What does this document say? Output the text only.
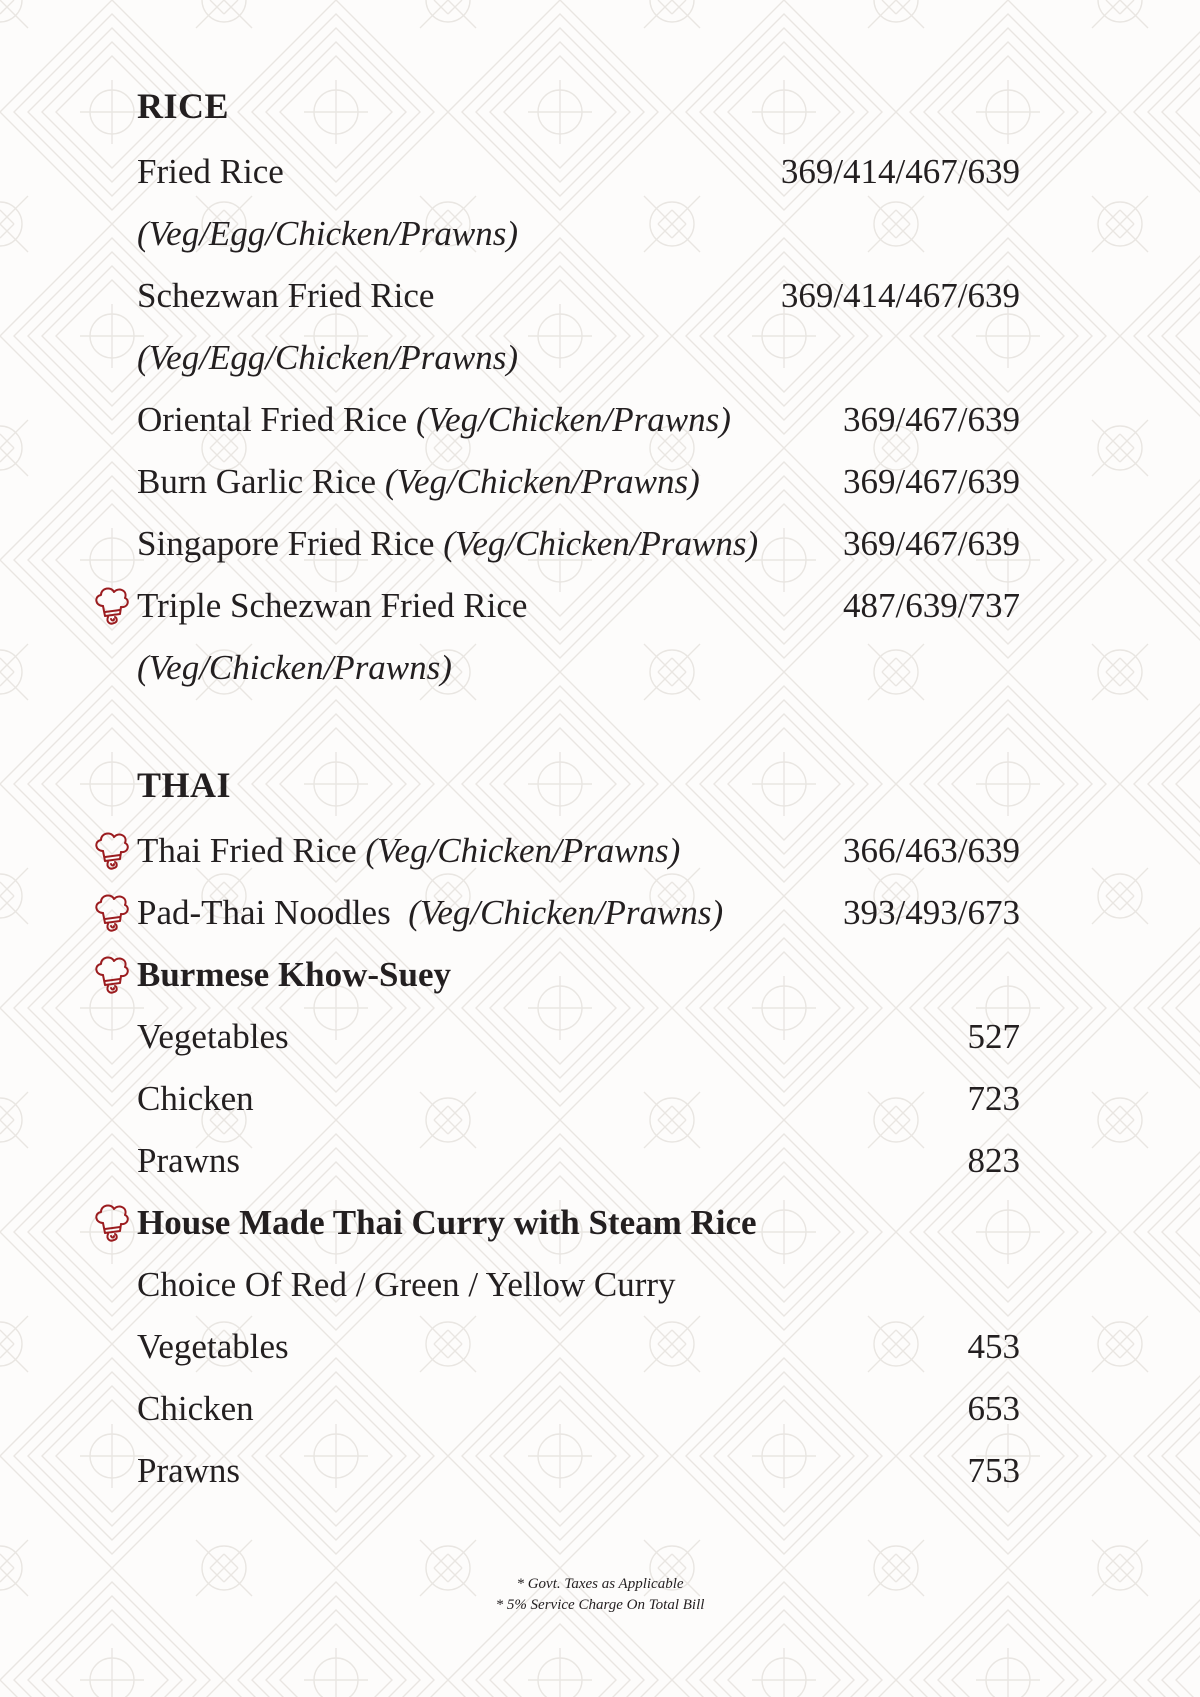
RICE
Fried Rice	369/414/467/639
(Veg/Egg/Chicken/Prawns)
Schezwan Fried Rice	369/414/467/639
(Veg/Egg/Chicken/Prawns)
Oriental Fried Rice (Veg/Chicken/Prawns)	369/467/639
Burn Garlic Rice (Veg/Chicken/Prawns)	369/467/639
Singapore Fried Rice (Veg/Chicken/Prawns) 369/467/639
Triple Schezwan Fried Rice	487/639/737
(Veg/Chicken/Prawns)
THAI
Thai Fried Rice (Veg/Chicken/Prawns)	366/463/639
Pad-Thai Noodles (Veg/Chicken/Prawns)	393/493/673
Burmese Khow-Suey
Vegetables	527
Chicken	723
Prawns	823
House Made Thai Curry with Steam Rice
Choice Of Red / Green / Yellow Curry
Vegetables	453
Chicken	653
Prawns	753
* Govt. Taxes as Applicable
* 5% Service Charge On Total Bill
